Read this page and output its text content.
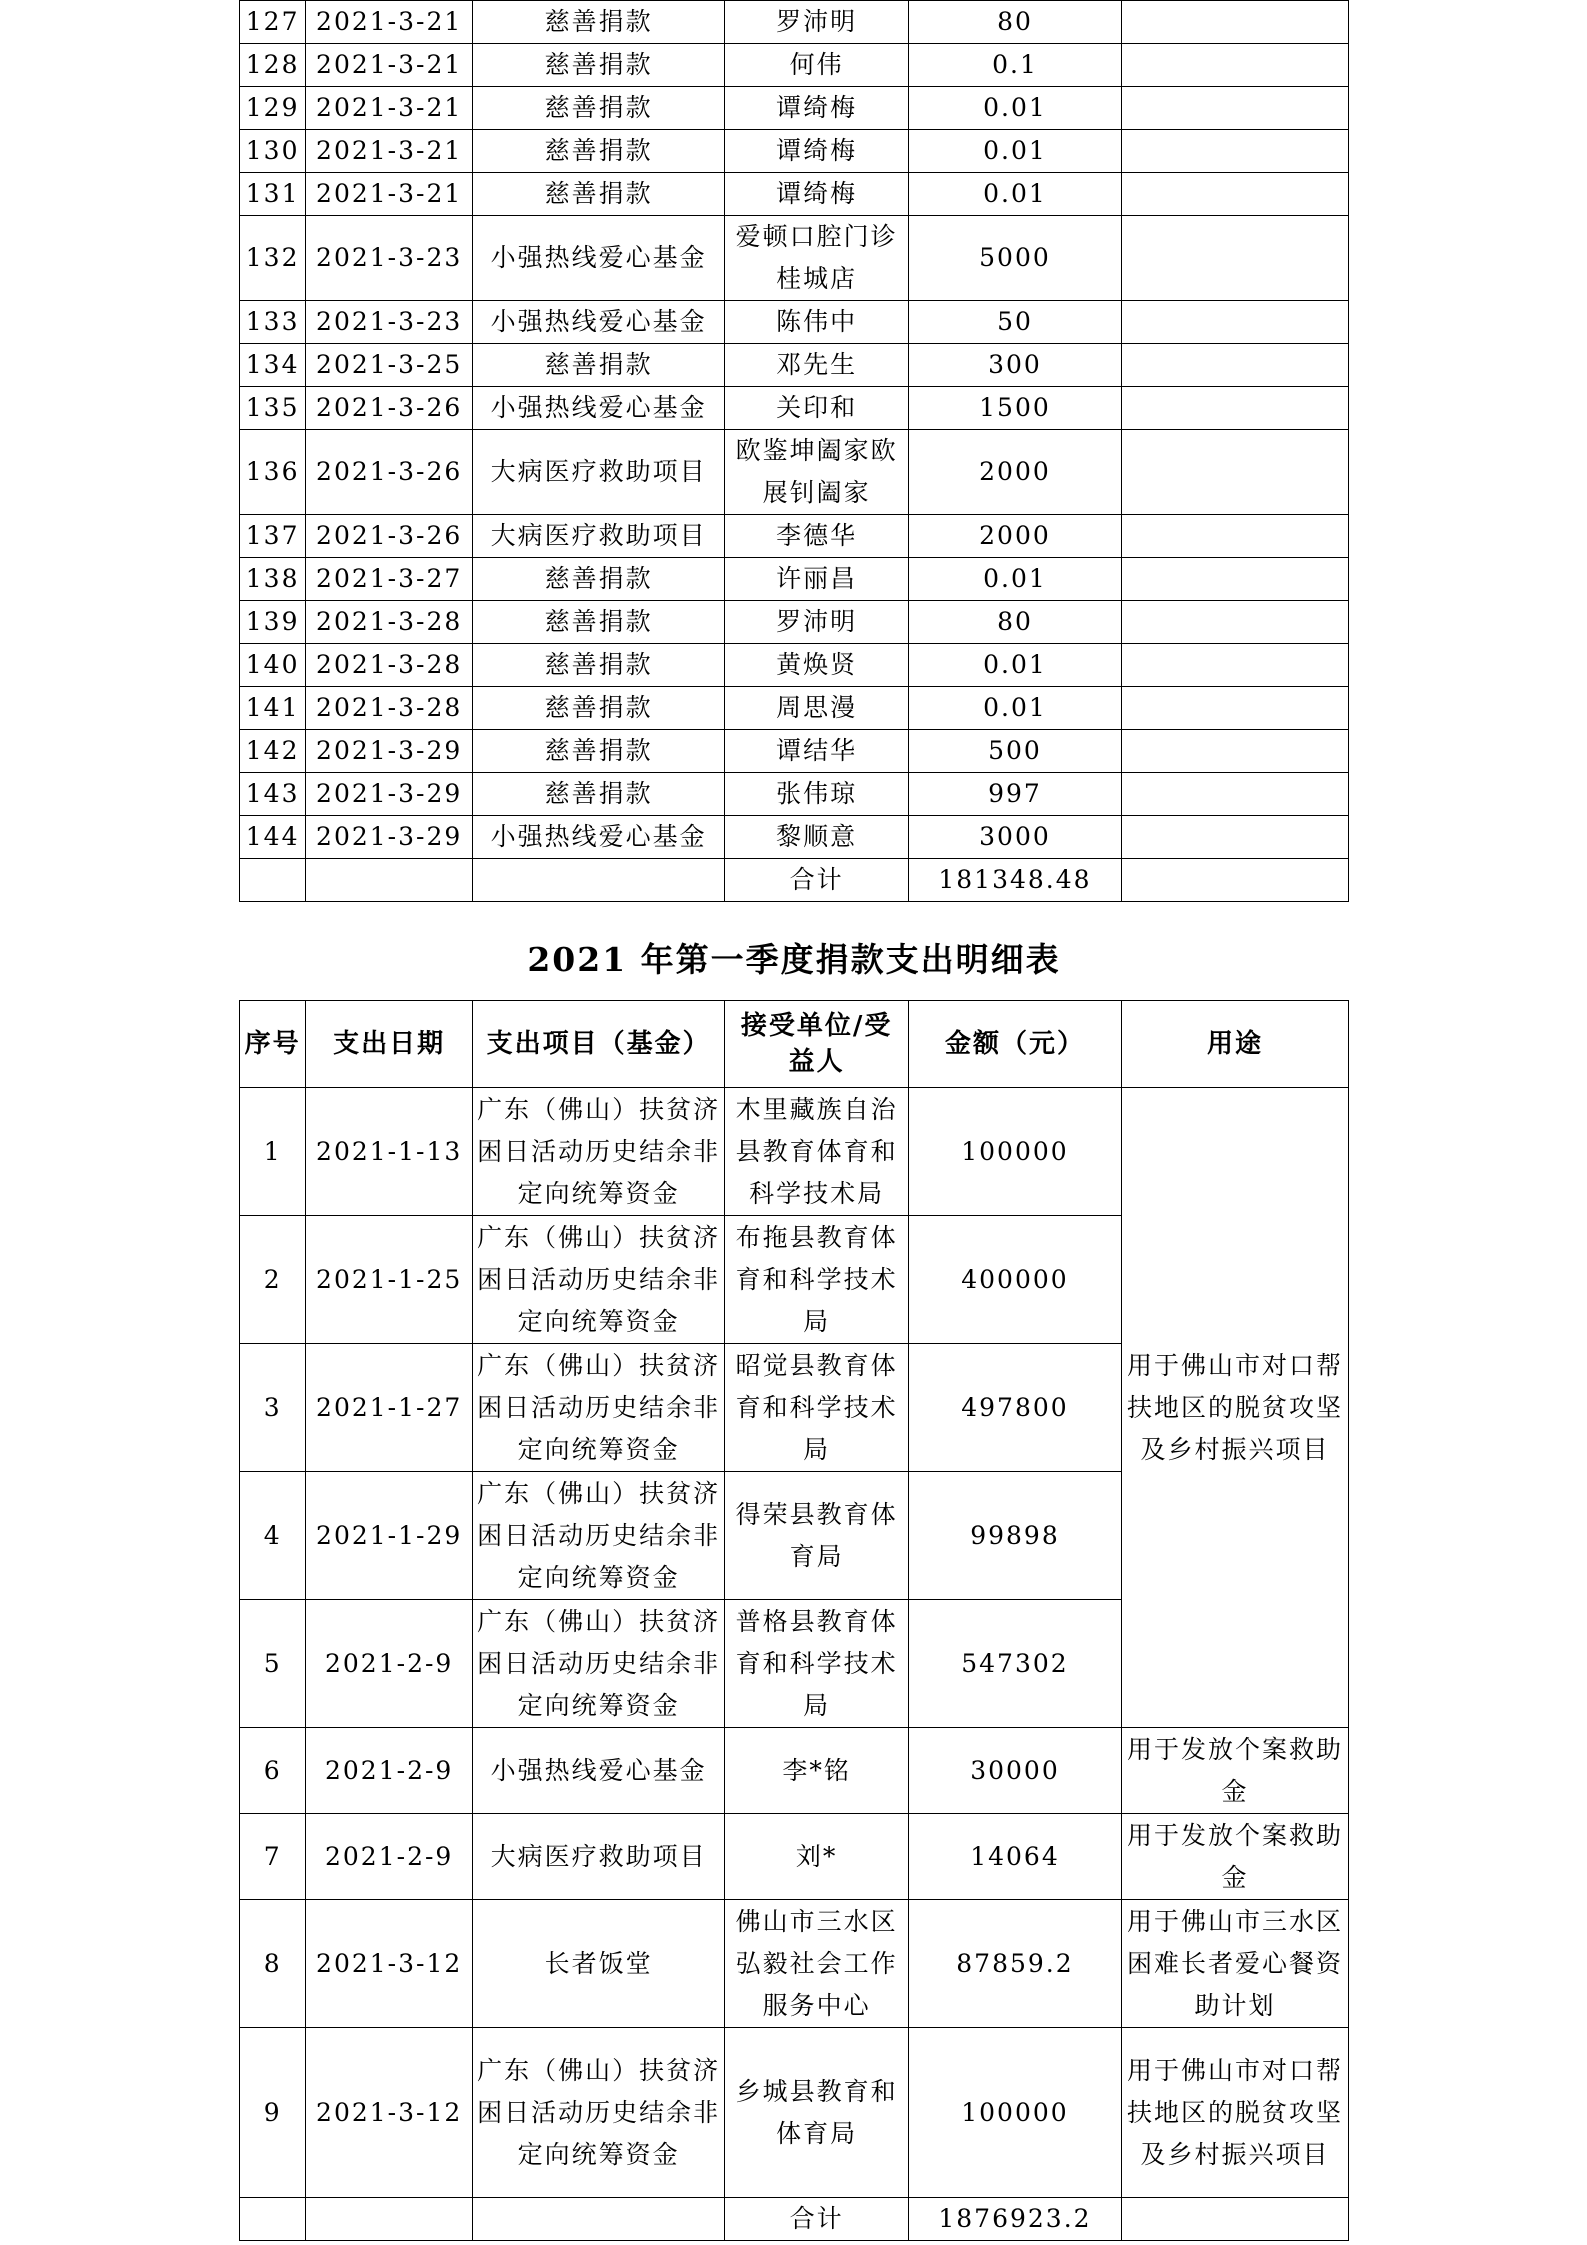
127	2021-3-21	慈善捐款	罗沛明	80	
128	2021-3-21	慈善捐款	何伟	0.1	
129	2021-3-21	慈善捐款	谭绮梅	0.01	
130	2021-3-21	慈善捐款	谭绮梅	0.01	
131	2021-3-21	慈善捐款	谭绮梅	0.01	
132	2021-3-23	小强热线爱心基金	爱顿口腔门诊桂城店	5000	
133	2021-3-23	小强热线爱心基金	陈伟中	50	
134	2021-3-25	慈善捐款	邓先生	300	
135	2021-3-26	小强热线爱心基金	关印和	1500	
136	2021-3-26	大病医疗救助项目	欧鉴坤阖家欧展钊阖家	2000	
137	2021-3-26	大病医疗救助项目	李德华	2000	
138	2021-3-27	慈善捐款	许丽昌	0.01	
139	2021-3-28	慈善捐款	罗沛明	80	
140	2021-3-28	慈善捐款	黄焕贤	0.01	
141	2021-3-28	慈善捐款	周思漫	0.01	
142	2021-3-29	慈善捐款	谭结华	500	
143	2021-3-29	慈善捐款	张伟琼	997	
144	2021-3-29	小强热线爱心基金	黎顺意	3000	
			合计	181348.48	
2021 年第一季度捐款支出明细表
序号	支出日期	支出项目（基金）	接受单位/受益人	金额（元）	用途
1	2021-1-13	广东（佛山）扶贫济困日活动历史结余非定向统筹资金	木里藏族自治县教育体育和科学技术局	100000	用于佛山市对口帮扶地区的脱贫攻坚及乡村振兴项目
2	2021-1-25	广东（佛山）扶贫济困日活动历史结余非定向统筹资金	布拖县教育体育和科学技术局	400000	
3	2021-1-27	广东（佛山）扶贫济困日活动历史结余非定向统筹资金	昭觉县教育体育和科学技术局	497800	
4	2021-1-29	广东（佛山）扶贫济困日活动历史结余非定向统筹资金	得荣县教育体育局	99898	
5	2021-2-9	广东（佛山）扶贫济困日活动历史结余非定向统筹资金	普格县教育体育和科学技术局	547302	
6	2021-2-9	小强热线爱心基金	李*铭	30000	用于发放个案救助金
7	2021-2-9	大病医疗救助项目	刘*	14064	用于发放个案救助金
8	2021-3-12	长者饭堂	佛山市三水区弘毅社会工作服务中心	87859.2	用于佛山市三水区困难长者爱心餐资助计划
9	2021-3-12	广东（佛山）扶贫济困日活动历史结余非定向统筹资金	乡城县教育和体育局	100000	用于佛山市对口帮扶地区的脱贫攻坚及乡村振兴项目
			合计	1876923.2	
